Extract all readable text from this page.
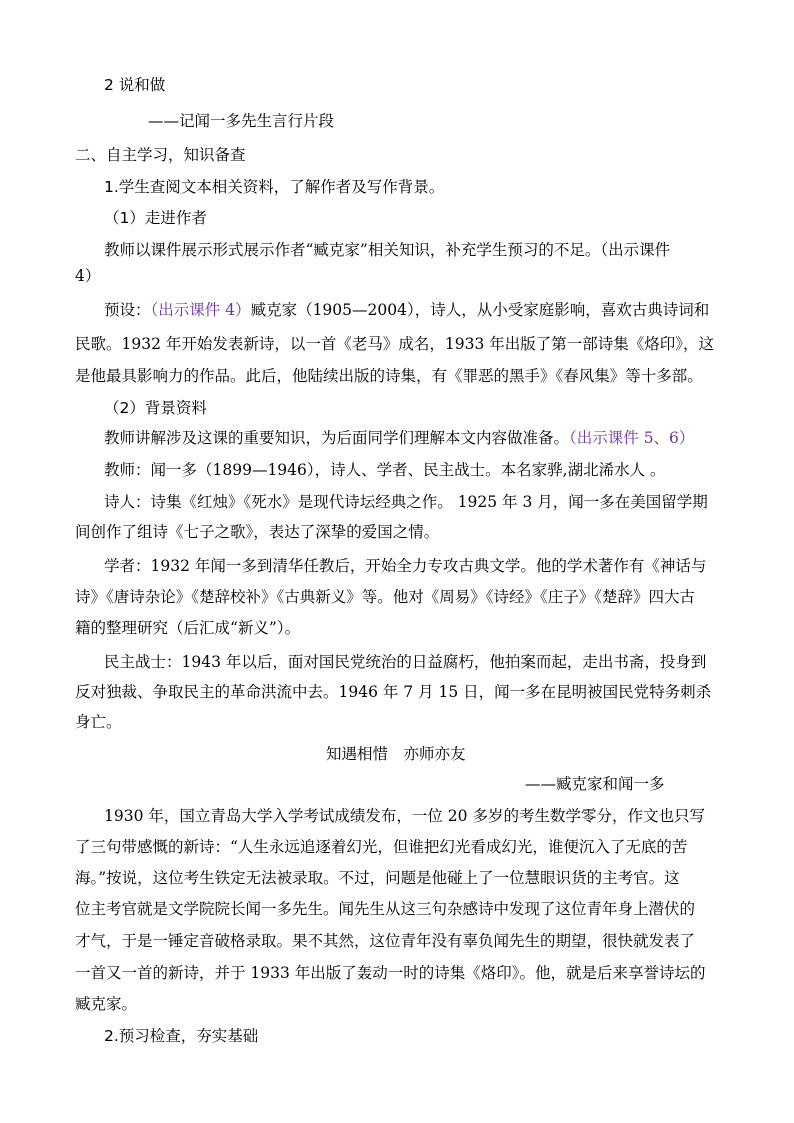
2 说和做
——记闻一多先生言行片段
二、自主学习，知识备查
1.学生查阅文本相关资料，了解作者及写作背景。
（1）走进作者
教师以课件展示形式展示作者“臧克家”相关知识，补充学生预习的不足。（出示课件
4）
预设：（出示课件 4）臧克家（1905—2004），诗人，从小受家庭影响，喜欢古典诗词和
民歌。1932 年开始发表新诗，以一首《老马》成名，1933 年出版了第一部诗集《烙印》，这
是他最具影响力的作品。此后，他陆续出版的诗集，有《罪恶的黑手》《春风集》等十多部。
（2）背景资料
教师讲解涉及这课的重要知识，为后面同学们理解本文内容做准备。（出示课件 5、6）
教师：闻一多（1899—1946），诗人、学者、民主战士。本名家骅,湖北浠水人 。
诗人：诗集《红烛》《死水》是现代诗坛经典之作。 1925 年 3 月，闻一多在美国留学期
间创作了组诗《七子之歌》，表达了深挚的爱国之情。
学者：1932 年闻一多到清华任教后，开始全力专攻古典文学。他的学术著作有《神话与
诗》《唐诗杂论》《楚辞校补》《古典新义》等。他对《周易》《诗经》《庄子》《楚辞》四大古
籍的整理研究（后汇成“新义”）。
民主战士：1943 年以后，面对国民党统治的日益腐朽，他拍案而起，走出书斋，投身到
反对独裁、争取民主的革命洪流中去。1946 年 7 月 15 日，闻一多在昆明被国民党特务刺杀
身亡。
知遇相惜　亦师亦友
——臧克家和闻一多
1930 年，国立青岛大学入学考试成绩发布，一位 20 多岁的考生数学零分，作文也只写
了三句带感慨的新诗：“人生永远追逐着幻光，但谁把幻光看成幻光，谁便沉入了无底的苦
海。”按说，这位考生铁定无法被录取。不过，问题是他碰上了一位慧眼识货的主考官。这
位主考官就是文学院院长闻一多先生。闻先生从这三句杂感诗中发现了这位青年身上潜伏的
才气，于是一锤定音破格录取。果不其然，这位青年没有辜负闻先生的期望，很快就发表了
一首又一首的新诗，并于 1933 年出版了轰动一时的诗集《烙印》。他，就是后来享誉诗坛的
臧克家。
2.预习检查，夯实基础
